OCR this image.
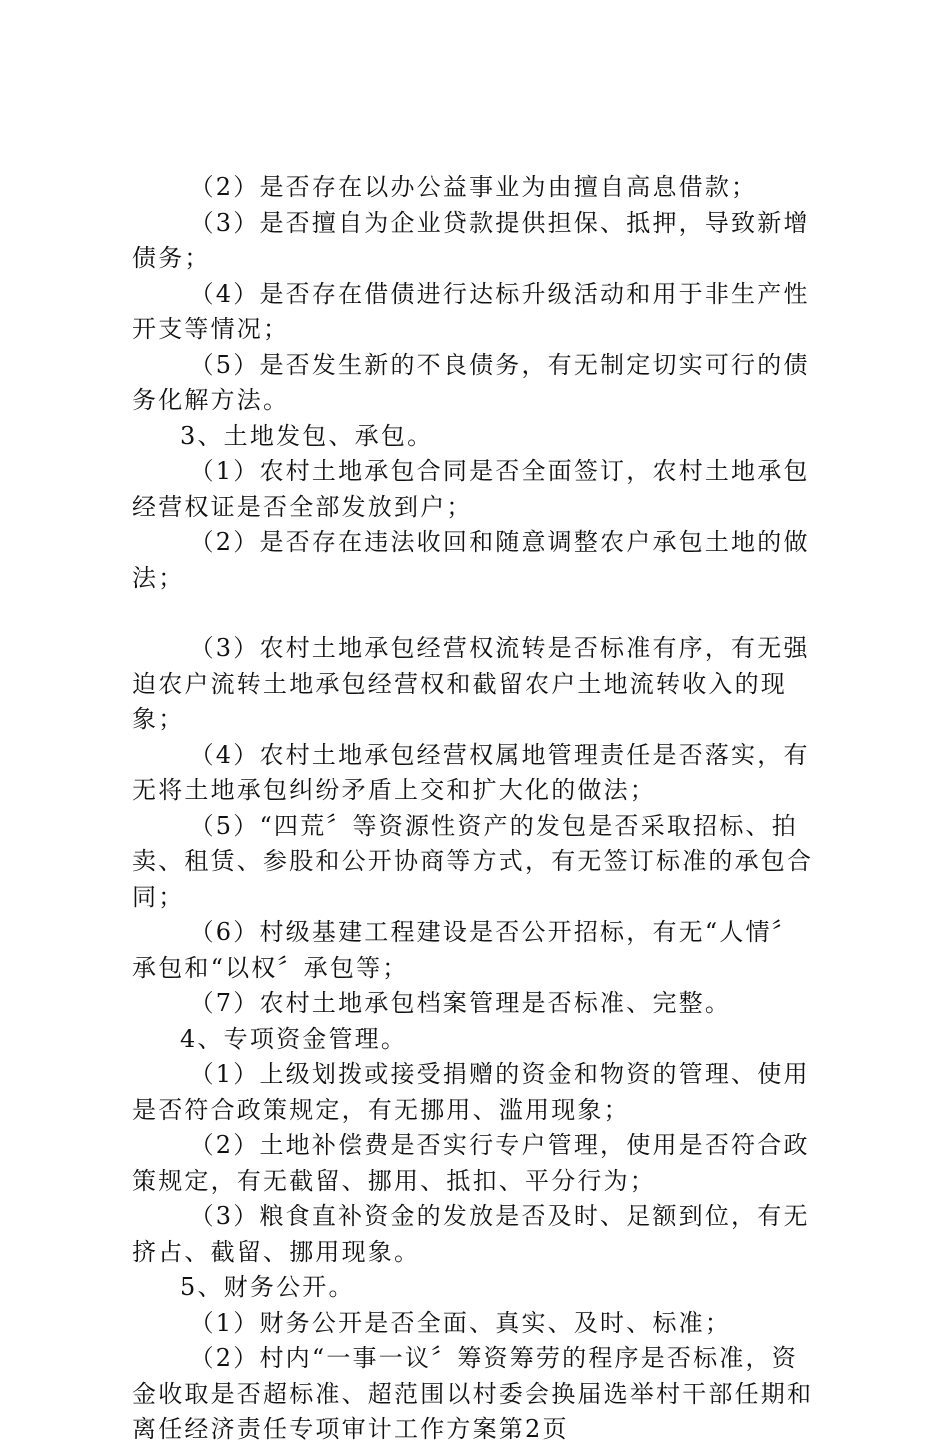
（2）是否存在以办公益事业为由擅自高息借款；

（3）是否擅自为企业贷款提供担保、抵押，导致新增债务；

（4）是否存在借债进行达标升级活动和用于非生产性开支等情况；

（5）是否发生新的不良债务，有无制定切实可行的债务化解方法。

3、土地发包、承包。

（1）农村土地承包合同是否全面签订，农村土地承包经营权证是否全部发放到户；

（2）是否存在违法收回和随意调整农户承包土地的做法；

（3）农村土地承包经营权流转是否标准有序，有无强迫农户流转土地承包经营权和截留农户土地流转收入的现象；

（4）农村土地承包经营权属地管理责任是否落实，有无将土地承包纠纷矛盾上交和扩大化的做法；

（5）“四荒〞等资源性资产的发包是否采取招标、拍卖、租赁、参股和公开协商等方式，有无签订标准的承包合同；

（6）村级基建工程建设是否公开招标，有无“人情〞承包和“以权〞承包等；

（7）农村土地承包档案管理是否标准、完整。

4、专项资金管理。

（1）上级划拨或接受捐赠的资金和物资的管理、使用是否符合政策规定，有无挪用、滥用现象；

（2）土地补偿费是否实行专户管理，使用是否符合政策规定，有无截留、挪用、抵扣、平分行为；

（3）粮食直补资金的发放是否及时、足额到位，有无挤占、截留、挪用现象。

5、财务公开。

（1）财务公开是否全面、真实、及时、标准；

（2）村内“一事一议〞筹资筹劳的程序是否标准，资金收取是否超标准、超范围以村委会换届选举村干部任期和离任经济责任专项审计工作方案第2页
